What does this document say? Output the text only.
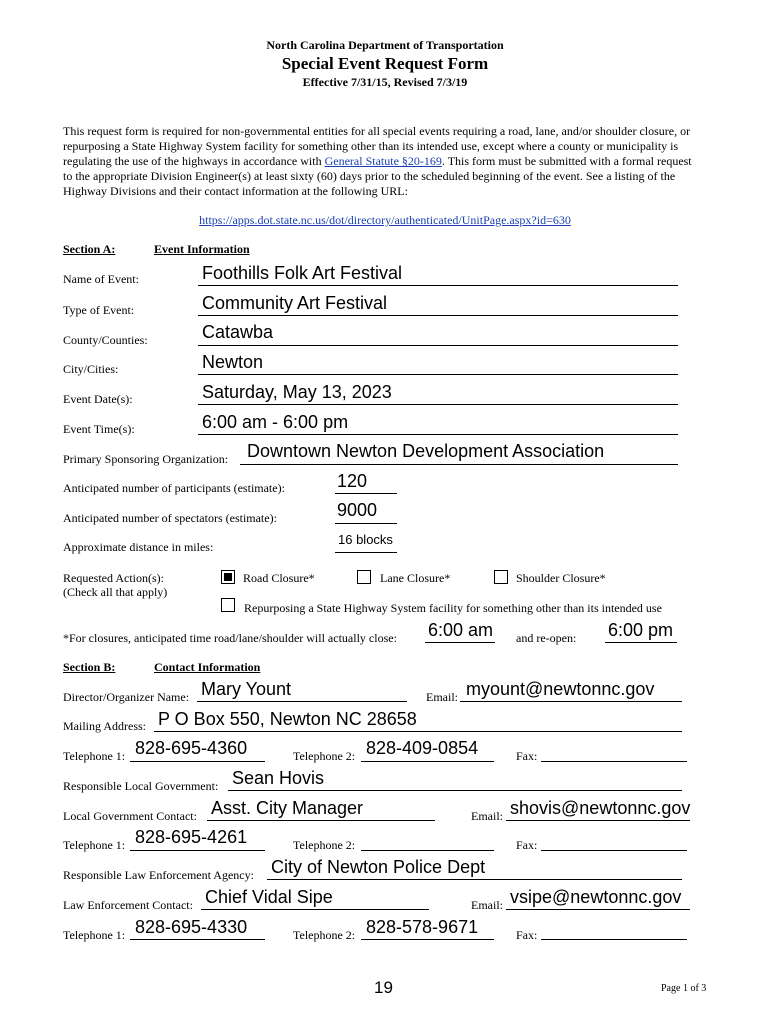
North Carolina Department of Transportation
Special Event Request Form
Effective 7/31/15, Revised 7/3/19
This request form is required for non-governmental entities for all special events requiring a road, lane, and/or shoulder closure, or repurposing a State Highway System facility for something other than its intended use, except where a county or municipality is regulating the use of the highways in accordance with General Statute §20-169. This form must be submitted with a formal request to the appropriate Division Engineer(s) at least sixty (60) days prior to the scheduled beginning of the event. See a listing of the Highway Divisions and their contact information at the following URL:
https://apps.dot.state.nc.us/dot/directory/authenticated/UnitPage.aspx?id=630
Section A:	Event Information
Name of Event:	Foothills Folk Art Festival
Type of Event:	Community Art Festival
County/Counties:	Catawba
City/Cities:	Newton
Event Date(s):	Saturday, May 13, 2023
Event Time(s):	6:00 am - 6:00 pm
Primary Sponsoring Organization: Downtown Newton Development Association
Anticipated number of participants (estimate):	120
Anticipated number of spectators (estimate):	9000
Approximate distance in miles:	16 blocks
Requested Action(s):
(Check all that apply)
Road Closure*	Lane Closure*	Shoulder Closure*
Repurposing a State Highway System facility for something other than its intended use
*For closures, anticipated time road/lane/shoulder will actually close: 6:00 am and re-open: 6:00 pm
Section B:	Contact Information
Director/Organizer Name: Mary Yount	Email: myount@newtonnc.gov
Mailing Address: P O Box 550, Newton NC 28658
Telephone 1: 828-695-4360	Telephone 2: 828-409-0854	Fax:
Responsible Local Government: Sean Hovis
Local Government Contact: Asst. City Manager	Email: shovis@newtonnc.gov
Telephone 1: 828-695-4261	Telephone 2:	Fax:
Responsible Law Enforcement Agency: City of Newton Police Dept
Law Enforcement Contact: Chief Vidal Sipe	Email: vsipe@newtonnc.gov
Telephone 1: 828-695-4330	Telephone 2: 828-578-9671	Fax:
19	Page 1 of 3
